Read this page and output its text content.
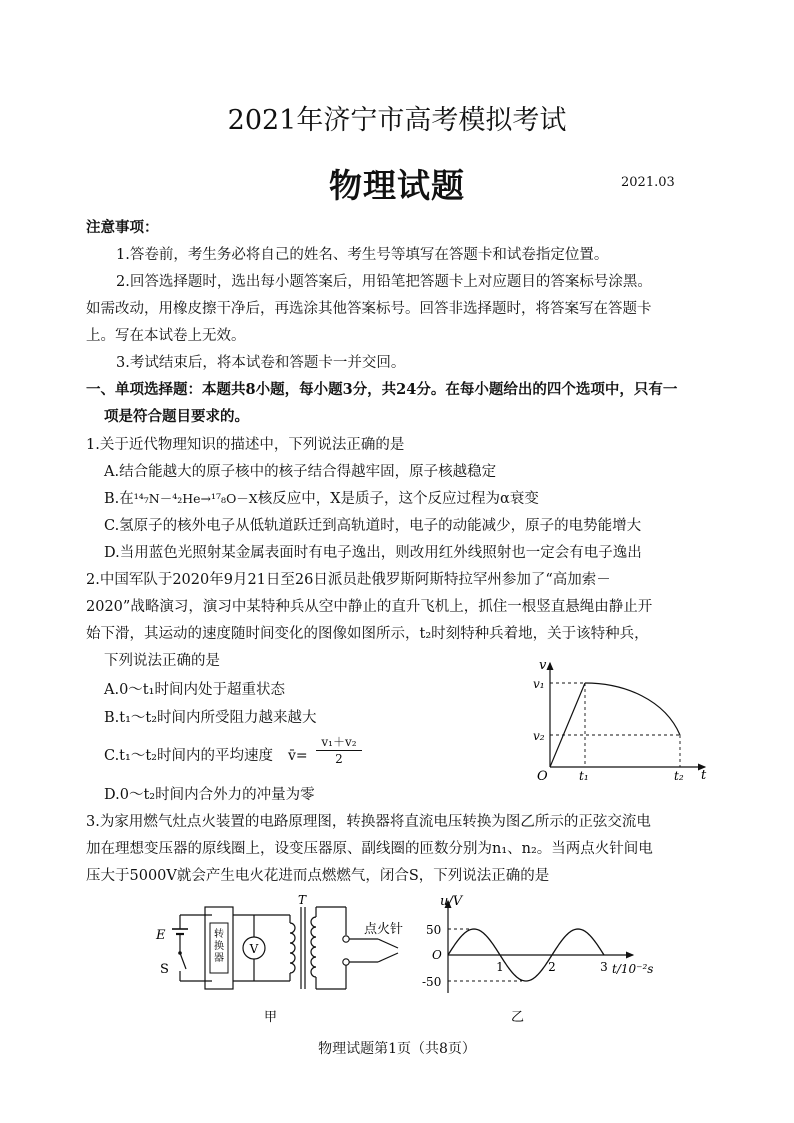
2021年济宁市高考模拟考试
物理试题	2021.03
注意事项：
1.答卷前，考生务必将自己的姓名、考生号等填写在答题卡和试卷指定位置。
2.回答选择题时，选出每小题答案后，用铅笔把答题卡上对应题目的答案标号涂黑。
如需改动，用橡皮擦干净后，再选涂其他答案标号。回答非选择题时，将答案写在答题卡
上。写在本试卷上无效。
3.考试结束后，将本试卷和答题卡一并交回。
一、单项选择题：本题共8小题，每小题3分，共24分。在每小题给出的四个选项中，只有一
项是符合题目要求的。
1.关于近代物理知识的描述中，下列说法正确的是
A.结合能越大的原子核中的核子结合得越牢固，原子核越稳定
B.在¹⁴₇N－⁴₂He→¹⁷₈O－X核反应中，X是质子，这个反应过程为α衰变
C.氢原子的核外电子从低轨道跃迁到高轨道时，电子的动能减少，原子的电势能增大
D.当用蓝色光照射某金属表面时有电子逸出，则改用红外线照射也一定会有电子逸出
2.中国军队于2020年9月21日至26日派员赴俄罗斯阿斯特拉罕州参加了“高加索－
2020”战略演习，演习中某特种兵从空中静止的直升飞机上，抓住一根竖直悬绳由静止开
始下滑，其运动的速度随时间变化的图像如图所示，t₂时刻特种兵着地，关于该特种兵，
下列说法正确的是
A.0～t₁时间内处于超重状态
B.t₁～t₂时间内所受阻力越来越大
C.t₁～t₂时间内的平均速度 v̄=
v₁＋v₂
2
D.0～t₂时间内合外力的冲量为零
v
t
O
v₁
v₂
t₁	t₂
3.为家用燃气灶点火装置的电路原理图，转换器将直流电压转换为图乙所示的正弦交流电
加在理想变压器的原线圈上，设变压器原、副线圈的匝数分别为n₁、n₂。当两点火针间电
压大于5000V就会产生电火花进而点燃燃气，闭合S，下列说法正确的是
E
S
转换器
V
T
点火针
甲
u/V
50
-50
O
1	2	3 t/10⁻²s
乙
物理试题第1页（共8页）
